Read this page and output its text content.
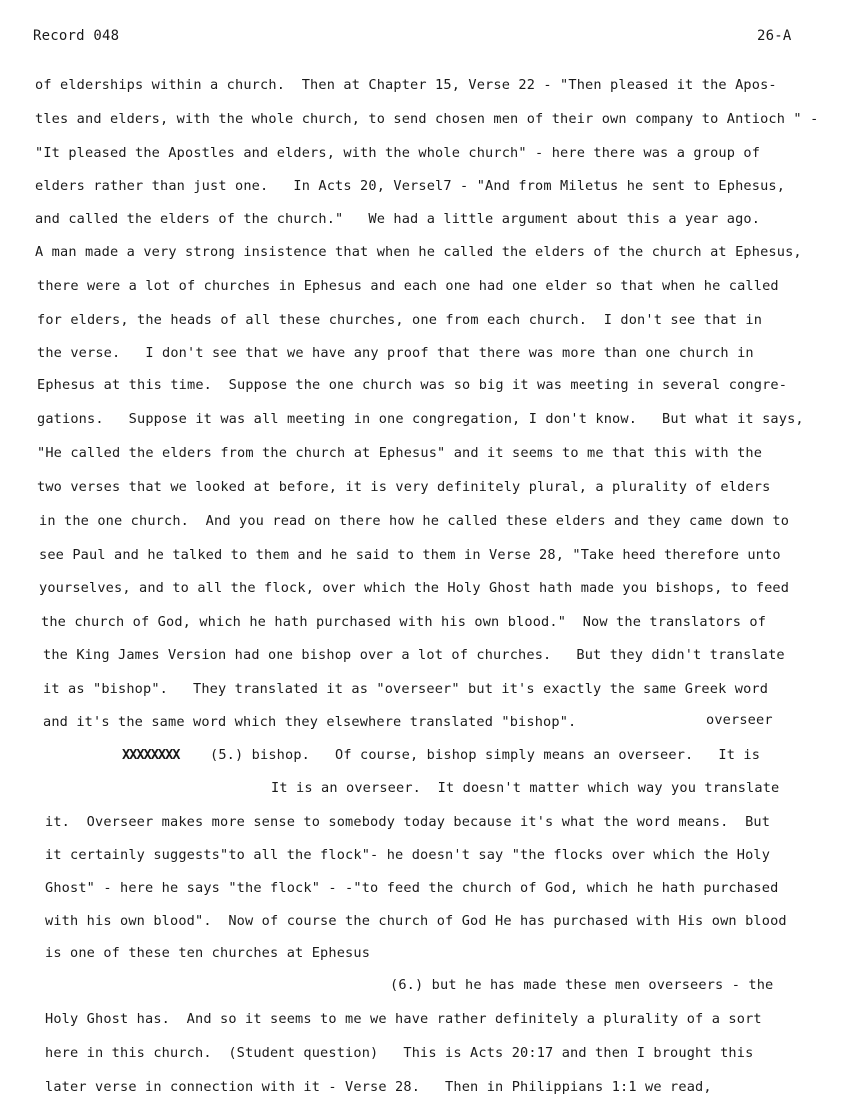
Record 048	26-A
of elderships within a church.  Then at Chapter 15, Verse 22 - "Then pleased it the Apos-
tles and elders, with the whole church, to send chosen men of their own company to Antioch " -
"It pleased the Apostles and elders, with the whole church" - here there was a group of
elders rather than just one.   In Acts 20, Versel7 - "And from Miletus he sent to Ephesus,
and called the elders of the church."   We had a little argument about this a year ago.
A man made a very strong insistence that when he called the elders of the church at Ephesus,
there were a lot of churches in Ephesus and each one had one elder so that when he called
for elders, the heads of all these churches, one from each church.  I don't see that in
the verse.   I don't see that we have any proof that there was more than one church in
Ephesus at this time.  Suppose the one church was so big it was meeting in several congre-
gations.   Suppose it was all meeting in one congregation, I don't know.   But what it says,
"He called the elders from the church at Ephesus" and it seems to me that this with the
two verses that we looked at before, it is very definitely plural, a plurality of elders
in the one church.  And you read on there how he called these elders and they came down to
see Paul and he talked to them and he said to them in Verse 28, "Take heed therefore unto
yourselves, and to all the flock, over which the Holy Ghost hath made you bishops, to feed
the church of God, which he hath purchased with his own blood."  Now the translators of
the King James Version had one bishop over a lot of churches.   But they didn't translate
it as "bishop".   They translated it as "overseer" but it's exactly the same Greek word
and it's the same word which they elsewhere translated "bishop".	overseer
XXXXXXXX (5.) bishop.   Of course, bishop simply means an overseer.   It is
It is an overseer.  It doesn't matter which way you translate
it.  Overseer makes more sense to somebody today because it's what the word means.  But
it certainly suggests"to all the flock"- he doesn't say "the flocks over which the Holy
Ghost" - here he says "the flock" - -"to feed the church of God, which he hath purchased
with his own blood".  Now of course the church of God He has purchased with His own blood
is one of these ten churches at Ephesus
(6.) but he has made these men overseers - the
Holy Ghost has.  And so it seems to me we have rather definitely a plurality of a sort
here in this church.  (Student question)   This is Acts 20:17 and then I brought this
later verse in connection with it - Verse 28.   Then in Philippians 1:1 we read,
